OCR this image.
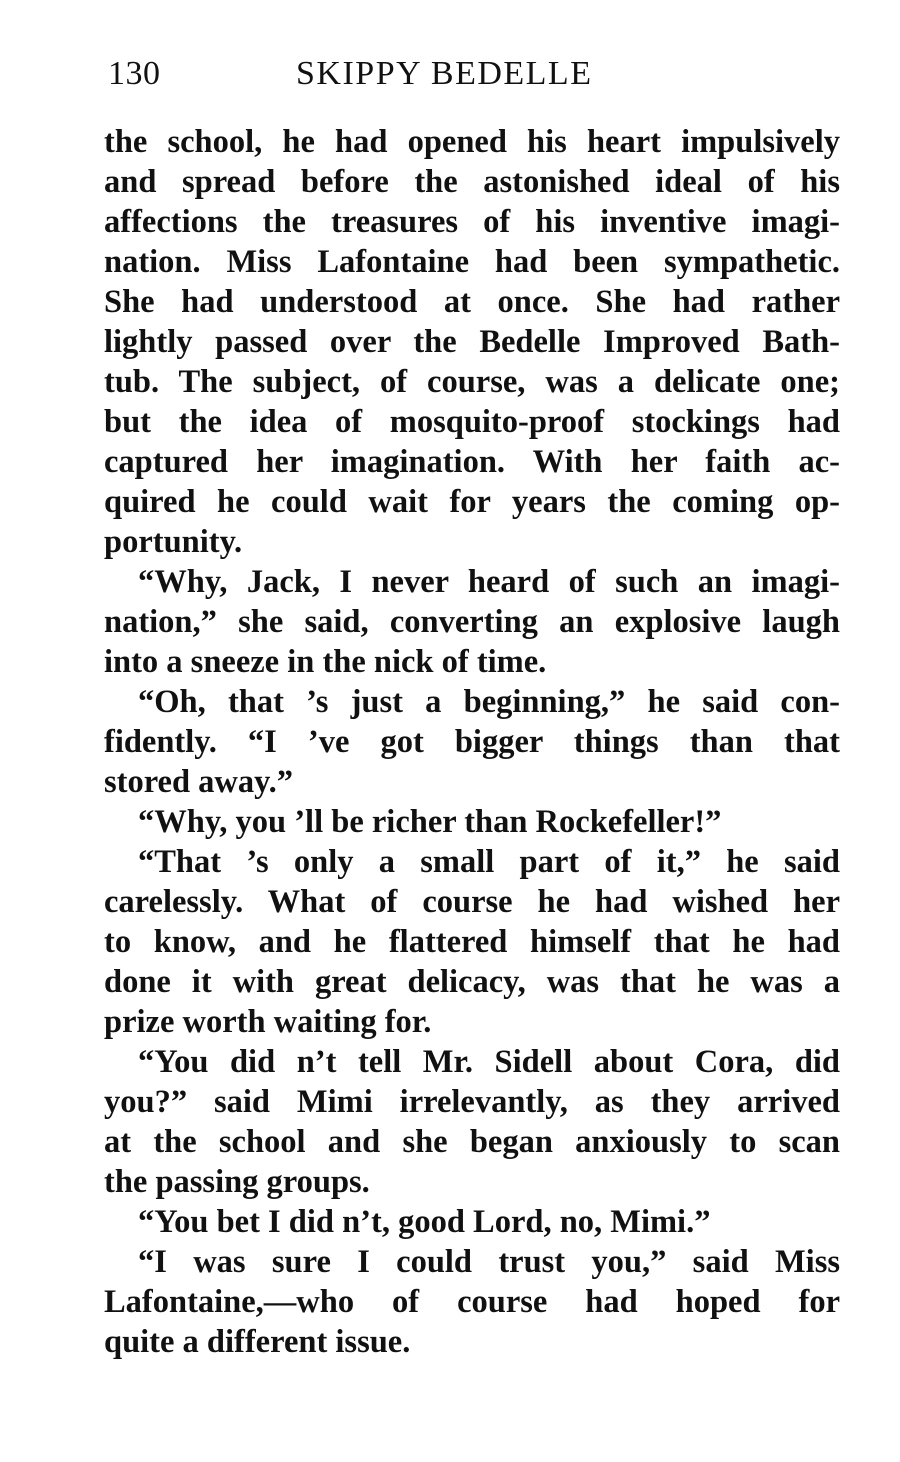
130	SKIPPY BEDELLE
the school, he had opened his heart impulsively
and spread before the astonished ideal of his
affections the treasures of his inventive imagi-
nation. Miss Lafontaine had been sympathetic.
She had understood at once. She had rather
lightly passed over the Bedelle Improved Bath-
tub. The subject, of course, was a delicate one;
but the idea of mosquito-proof stockings had
captured her imagination. With her faith ac-
quired he could wait for years the coming op-
portunity.
“Why, Jack, I never heard of such an imagi-
nation,” she said, converting an explosive laugh
into a sneeze in the nick of time.
“Oh, that ’s just a beginning,” he said con-
fidently. “I ’ve got bigger things than that
stored away.”
“Why, you ’ll be richer than Rockefeller!”
“That ’s only a small part of it,” he said
carelessly. What of course he had wished her
to know, and he flattered himself that he had
done it with great delicacy, was that he was a
prize worth waiting for.
“You did n’t tell Mr. Sidell about Cora, did
you?” said Mimi irrelevantly, as they arrived
at the school and she began anxiously to scan
the passing groups.
“You bet I did n’t, good Lord, no, Mimi.”
“I was sure I could trust you,” said Miss
Lafontaine,—who of course had hoped for
quite a different issue.
